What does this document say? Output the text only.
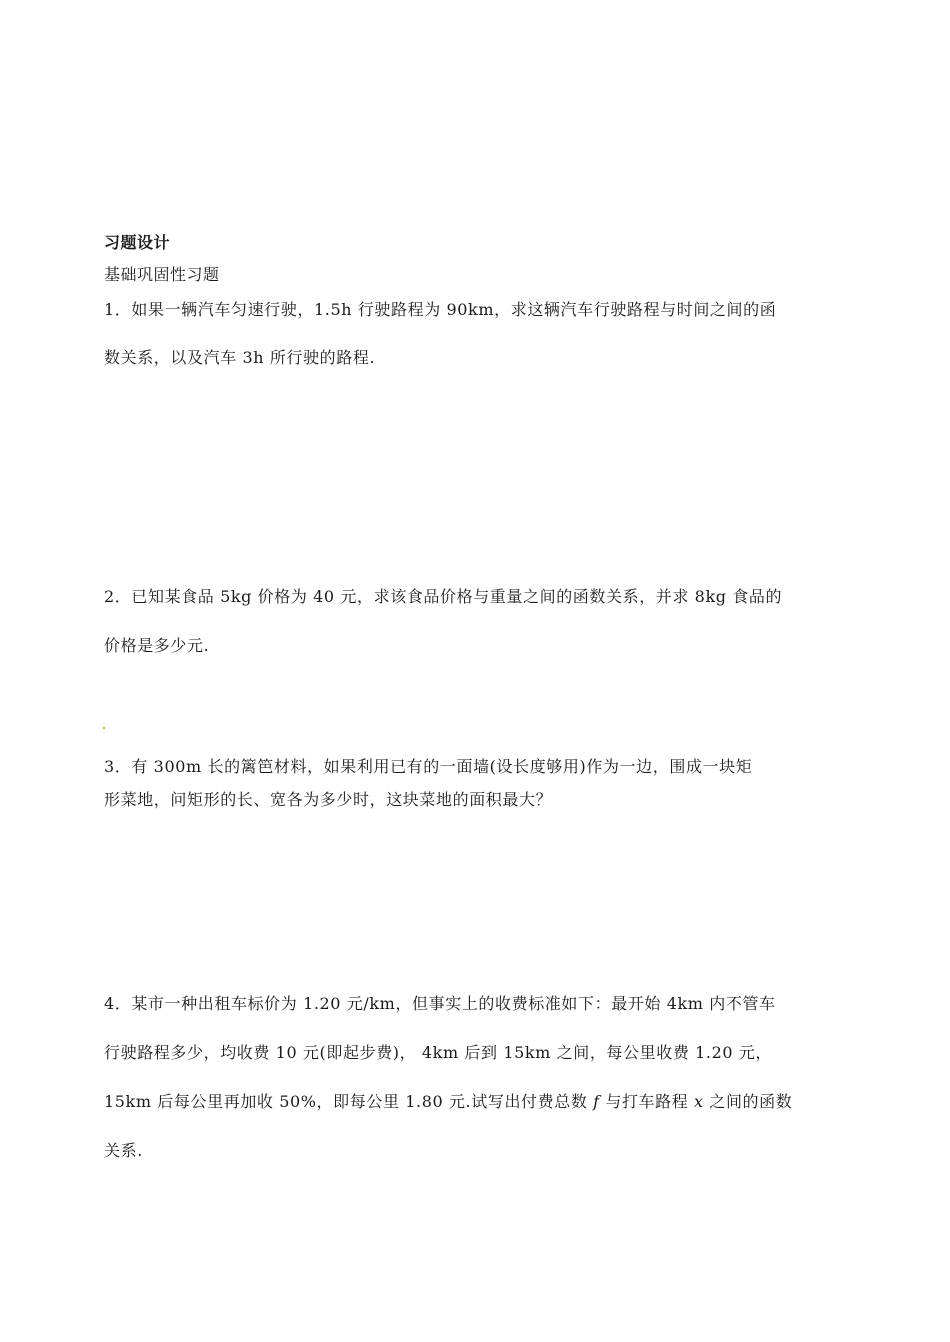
习题设计
基础巩固性习题
1．如果一辆汽车匀速行驶，1.5h 行驶路程为 90km，求这辆汽车行驶路程与时间之间的函
数关系，以及汽车 3h 所行驶的路程.
2．已知某食品 5kg 价格为 40 元，求该食品价格与重量之间的函数关系，并求 8kg 食品的
价格是多少元.
3．有 300m 长的篱笆材料，如果利用已有的一面墙(设长度够用)作为一边，围成一块矩
形菜地，问矩形的长、宽各为多少时，这块菜地的面积最大？
4．某市一种出租车标价为 1.20 元/km，但事实上的收费标准如下：最开始 4km 内不管车
行驶路程多少，均收费 10 元(即起步费)， 4km 后到 15km 之间，每公里收费 1.20 元，
15km 后每公里再加收 50%，即每公里 1.80 元.试写出付费总数 f 与打车路程 x 之间的函数
关系.
